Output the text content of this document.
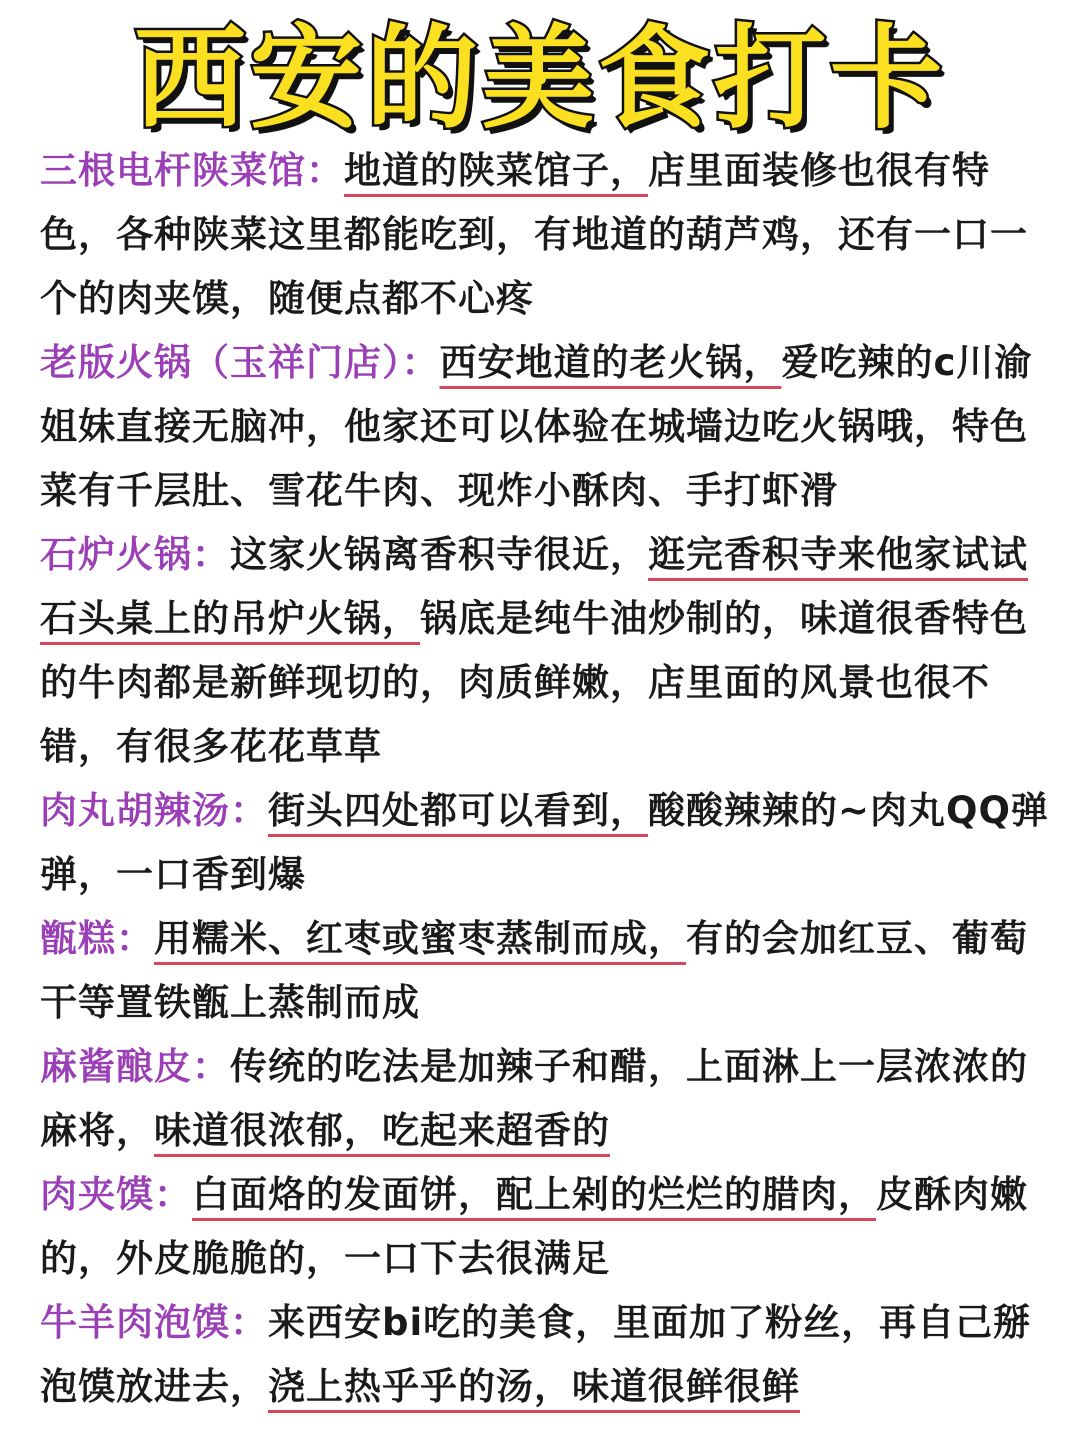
西安的美食打卡

三根电杆陕菜馆：地道的陕菜馆子，店里面装修也很有特色，各种陕菜这里都能吃到，有地道的葫芦鸡，还有一口一个的肉夹馍，随便点都不心疼

老版火锅（玉祥门店）：西安地道的老火锅，爱吃辣的c川渝姐妹直接无脑冲，他家还可以体验在城墙边吃火锅哦，特色菜有千层肚、雪花牛肉、现炸小酥肉、手打虾滑

石炉火锅：这家火锅离香积寺很近，逛完香积寺来他家试试石头桌上的吊炉火锅，锅底是纯牛油炒制的，味道很香特色的牛肉都是新鲜现切的，肉质鲜嫩，店里面的风景也很不错，有很多花花草草

肉丸胡辣汤：街头四处都可以看到，酸酸辣辣的~肉丸QQ弹弹，一口香到爆

甑糕：用糯米、红枣或蜜枣蒸制而成，有的会加红豆、葡萄干等置铁甑上蒸制而成

麻酱酿皮：传统的吃法是加辣子和醋，上面淋上一层浓浓的麻将，味道很浓郁，吃起来超香的

肉夹馍：白面烙的发面饼，配上剁的烂烂的腊肉，皮酥肉嫩的，外皮脆脆的，一口下去很满足

牛羊肉泡馍：来西安bi吃的美食，里面加了粉丝，再自己掰泡馍放进去，浇上热乎乎的汤，味道很鲜很鲜
